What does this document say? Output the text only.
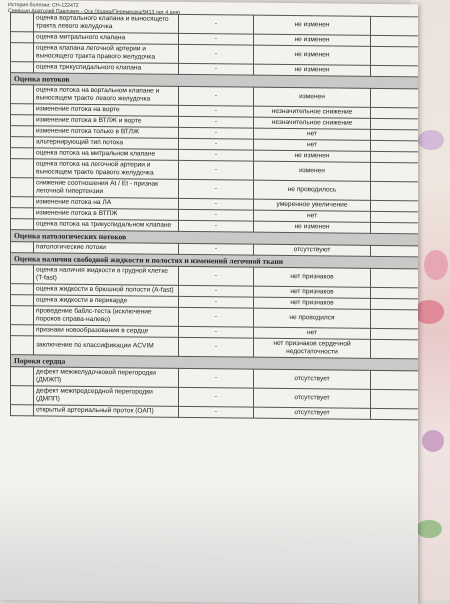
История болезни: СН-122472
Синицын Анатолий Павлович - Оск (Ходжа/Перемешка/9413 лет 4 дня)
	оценка вортального клапана и выносящего тракта левого желудочка	-	не изменен	
	оценка митрального клапана	-	не изменен	
	оценка клапана легочной артерии и выносящего тракта правого желудочка	-	не изменен	
	оценка трикуспидального клапана	-	не изменен	
Оценка потоков				
	оценка потока на вортальном клапане и выносящем тракте левого желудочка	-	изменен	
	изменение потока на ворте	-	незначительное снижение	
	изменение потока в ВТЛЖ и ворте	-	незначительное снижение	
	изменение потока только в ВТЛЖ	-	нет	
	альтернирующий тип потока	-	нет	
	оценка потока на митральном клапане	-	не изменен	
	оценка потока на легочной артерии и выносящем тракте правого желудочка	-	изменен	
	снижение соотношения At / Et - признак легочной гипертензии	-	не проводилось	
	изменение потока на ЛА	-	умеренное увеличение	
	изменение потока в ВТПЖ	-	нет	
	оценка потока на трикуспидальном клапане	-	не изменен	
Оценка патологических потоков				
	патологические потоки	-	отсутствуют	
Оценка наличия свободной жидкости в полостях и изменений легочной ткани				
	оценка наличия жидкости в грудной клетке (T-fast)	-	нет признаков	
	оценка жидкости в брюшной полости (A-fast)	-	нет признаков	
	оценка жидкости в перикарде	-	нет признаков	
	проведение баблс-теста (исключение пороков справа-налево)	-	не проводился	
	признаки новообразования в сердце	-	нет	
	заключение по классификации ACVIM	-	нет признаков сердечной недостаточности	
Пороки сердца				
	дефект межжелудочковой перегородки (ДМЖП)	-	отсутствует	
	дефект межпредсердной перегородки (ДМПП)	-	отсутствует	
	открытый артериальный проток (ОАП)	-	отсутствует	
